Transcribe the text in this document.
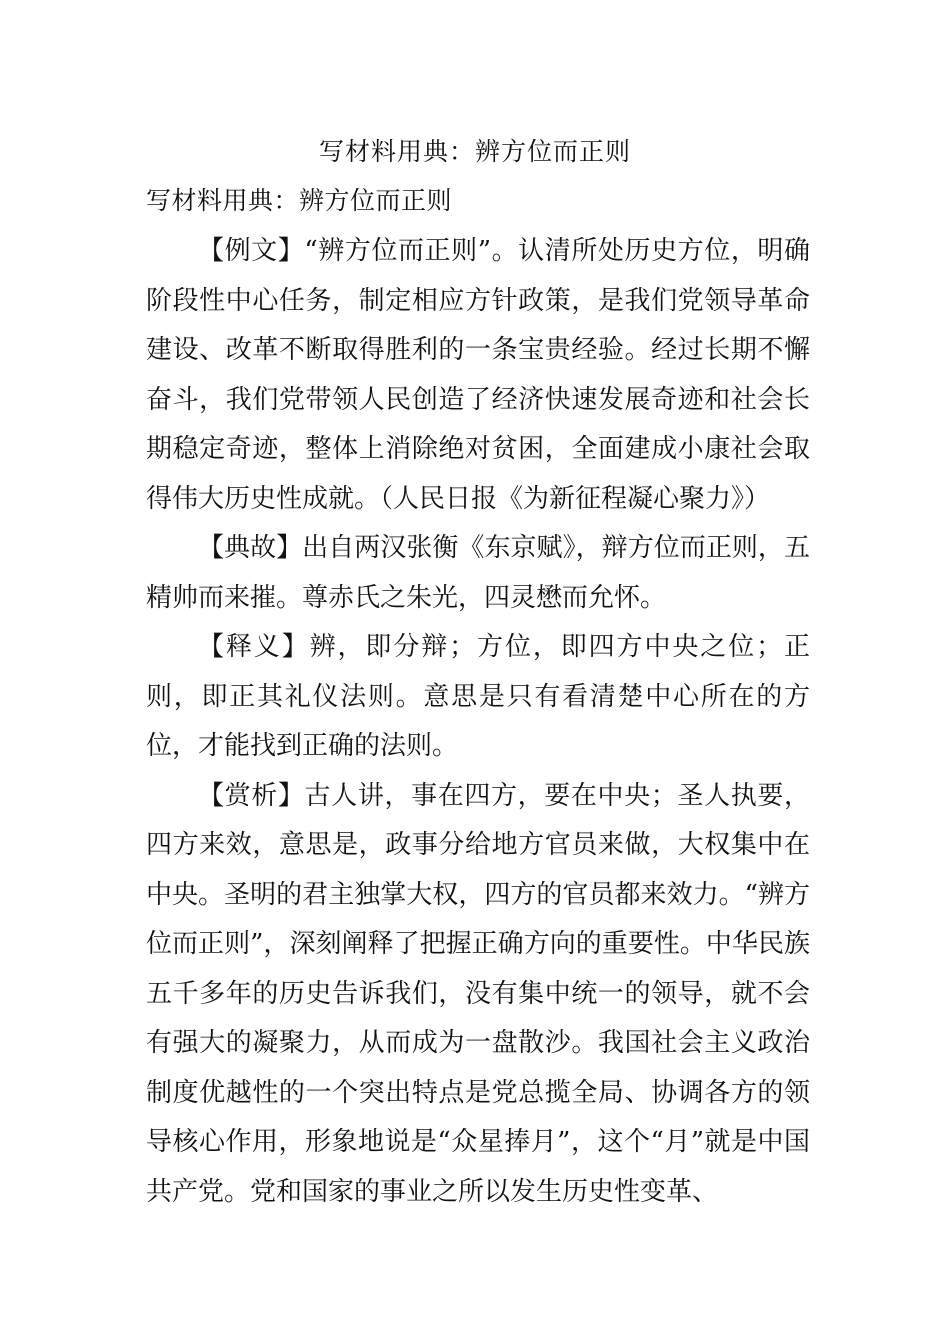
写材料用典：辨方位而正则
写材料用典：辨方位而正则

【例文】“辨方位而正则”。认清所处历史方位，明确阶段性中心任务，制定相应方针政策，是我们党领导革命建设、改革不断取得胜利的一条宝贵经验。经过长期不懈奋斗，我们党带领人民创造了经济快速发展奇迹和社会长期稳定奇迹，整体上消除绝对贫困，全面建成小康社会取得伟大历史性成就。（人民日报《为新征程凝心聚力》）

【典故】出自两汉张衡《东京赋》，辩方位而正则，五精帅而来摧。尊赤氏之朱光，四灵懋而允怀。

【释义】辨，即分辩；方位，即四方中央之位；正则，即正其礼仪法则。意思是只有看清楚中心所在的方位，才能找到正确的法则。

【赏析】古人讲，事在四方，要在中央；圣人执要，四方来效，意思是，政事分给地方官员来做，大权集中在中央。圣明的君主独掌大权，四方的官员都来效力。“辨方位而正则”，深刻阐释了把握正确方向的重要性。中华民族五千多年的历史告诉我们，没有集中统一的领导，就不会有强大的凝聚力，从而成为一盘散沙。我国社会主义政治制度优越性的一个突出特点是党总揽全局、协调各方的领导核心作用，形象地说是“众星捧月”，这个“月”就是中国共产党。党和国家的事业之所以发生历史性变革、
